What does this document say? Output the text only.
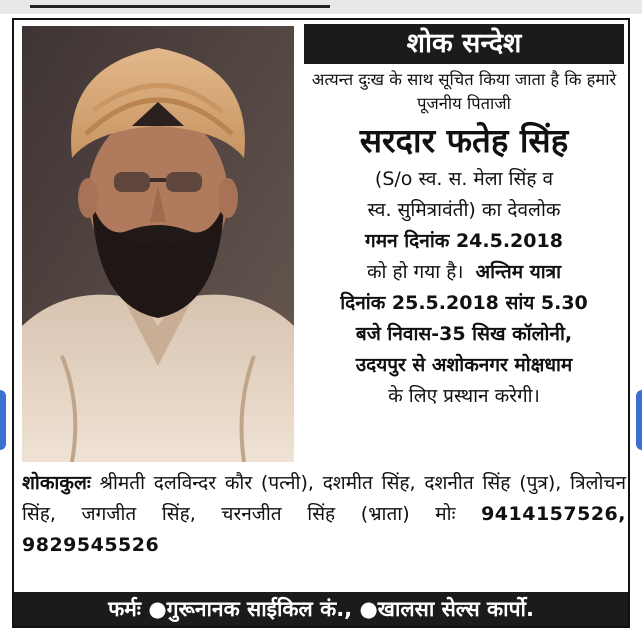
शोक सन्देश
अत्यन्त दुःख के साथ सूचित किया जाता है कि हमारे पूजनीय पिताजी
सरदार फतेह सिंह
(S/o स्व. स. मेला सिंह व
स्व. सुमित्रावंती) का देवलोक
गमन दिनांक 24.5.2018
को हो गया है। अन्तिम यात्रा
दिनांक 25.5.2018 सांय 5.30
बजे निवास-35 सिख कॉलोनी,
उदयपुर से अशोकनगर मोक्षधाम
के लिए प्रस्थान करेगी।
शोकाकुलः श्रीमती दलविन्दर कौर (पत्नी), दशमीत सिंह, दशनीत सिंह (पुत्र), त्रिलोचन सिंह, जगजीत सिंह, चरनजीत सिंह (भ्राता) मोः 9414157526, 9829545526
फर्मः ●गुरूनानक साईकिल कं., ●खालसा सेल्स कार्पो.
